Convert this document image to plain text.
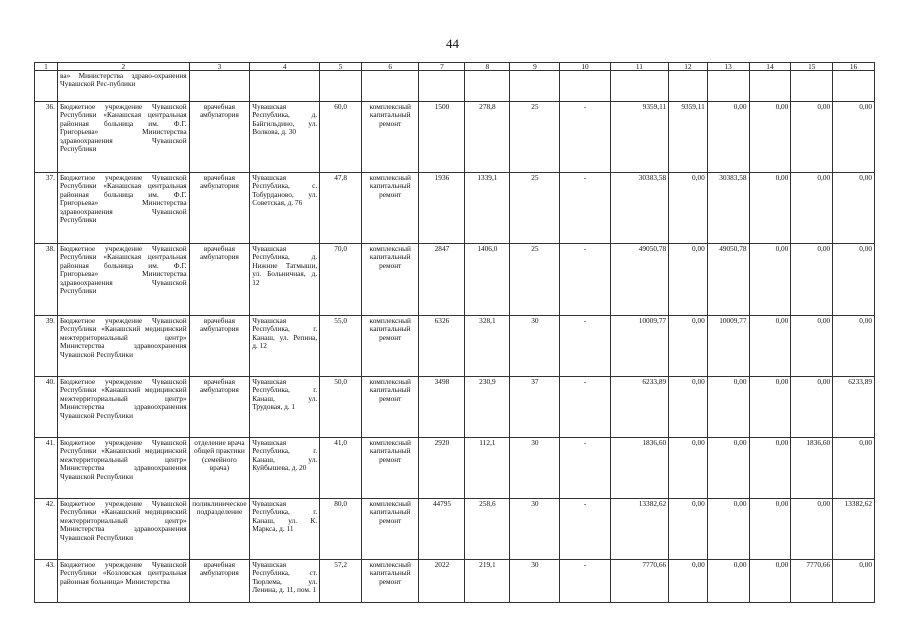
44
1	2	3	4	5	6	7	8	9	10	11	12	13	14	15	16
	ва» Министерства здраво-охранения Чувашской Рес-публики														
36.	Бюджетное учреждение Чувашской Республики «Канашская центральная районная больница им. Ф.Г. Григорьева» Министерства здравоохранения Чувашской Республики	врачебная амбулатория	Чувашская Республика, д. Байгильдино, ул. Волкова, д. 30	60,0	комплексный капитальный ремонт	1500	278,8	25	-	9359,11	9359,11	0,00	0,00	0,00	0,00
37.	Бюджетное учреждение Чувашской Республики «Канашская центральная районная больница им. Ф.Г. Григорьева» Министерства здравоохранения Чувашской Республики	врачебная амбулатория	Чувашская Республика, с. Тобурданово, ул. Советская, д. 76	47,8	комплексный капитальный ремонт	1936	1339,1	25	-	30383,58	0,00	30383,58	0,00	0,00	0,00
38.	Бюджетное учреждение Чувашской Республики «Канашская центральная районная больница им. Ф.Г. Григорьева» Министерства здравоохранения Чувашской Республики	врачебная амбулатория	Чувашская Республика, д. Нижние Татмыши, ул. Больничная, д. 12	70,0	комплексный капитальный ремонт	2847	1406,0	25	-	49050,78	0,00	49050,78	0,00	0,00	0,00
39.	Бюджетное учреждение Чувашской Республики «Канашский медицинский межтерриториальный центр» Министерства здравоохранения Чувашской Республики	врачебная амбулатория	Чувашская Республика, г. Канаш, ул. Репина, д. 12	55,0	комплексный капитальный ремонт	6326	328,1	30	-	10009,77	0,00	10009,77	0,00	0,00	0,00
40.	Бюджетное учреждение Чувашской Республики «Канашский медицинский межтерриториальный центр» Министерства здравоохранения Чувашской Республики	врачебная амбулатория	Чувашская Республика, г. Канаш, ул. Трудовая, д. 1	50,0	комплексный капитальный ремонт	3498	230,9	37	-	6233,89	0,00	0,00	0,00	0,00	6233,89
41.	Бюджетное учреждение Чувашской Республики «Канашский медицинский межтерриториальный центр» Министерства здравоохранения Чувашской Республики	отделение врача общей практики (семейного врача)	Чувашская Республика, г. Канаш, ул. Куйбышева, д. 20	41,0	комплексный капитальный ремонт	2920	112,1	30	-	1836,60	0,00	0,00	0,00	1836,60	0,00
42.	Бюджетное учреждение Чувашской Республики «Канашский медицинский межтерриториальный центр» Министерства здравоохранения Чувашской Республики	поликлиническое подразделение	Чувашская Республика, г. Канаш, ул. К. Маркса, д. 11	80,0	комплексный капитальный ремонт	44795	258,6	30	-	13382,62	0,00	0,00	0,00	0,00	13382,62
43.	Бюджетное учреждение Чувашской Республики «Козловская центральная районная больница» Министерства	врачебная амбулатория	Чувашская Республика, ст. Тюрлема, ул. Ленина, д. 11, пом. 1	57,2	комплексный капитальный ремонт	2022	219,1	30	-	7770,66	0,00	0,00	0,00	7770,66	0,00
